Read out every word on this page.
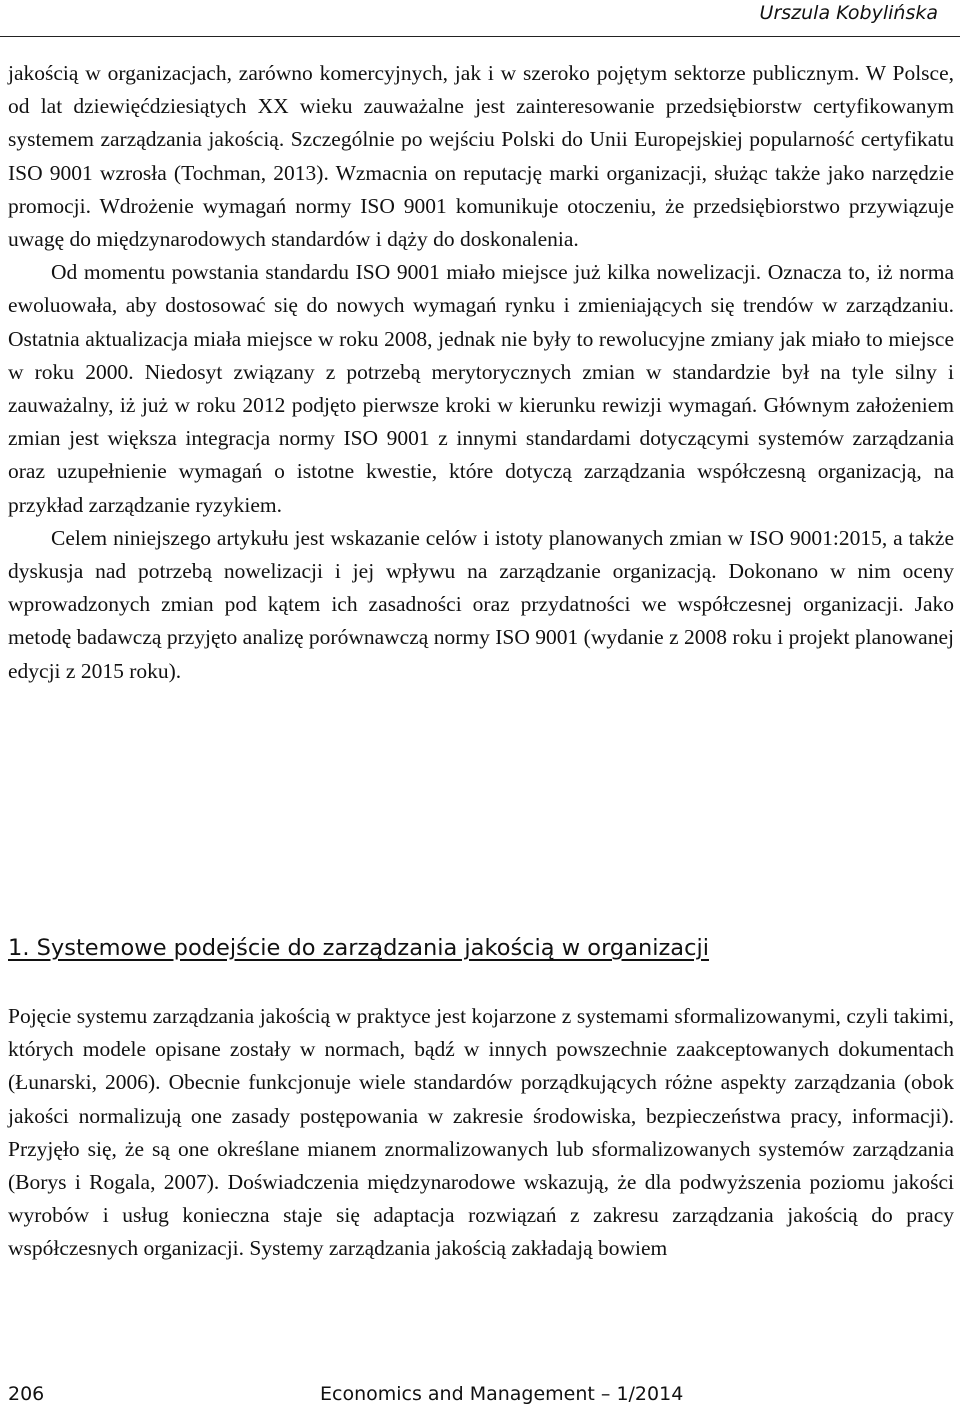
Urszula Kobylińska

jakością w organizacjach, zarówno komercyjnych, jak i w szeroko pojętym sektorze publicznym. W Polsce, od lat dziewięćdziesiątych XX wieku zauważalne jest zainteresowanie przedsiębiorstw certyfikowanym systemem zarządzania jakością. Szczególnie po wejściu Polski do Unii Europejskiej popularność certyfikatu ISO 9001 wzrosła (Tochman, 2013). Wzmacnia on reputację marki organizacji, służąc także jako narzędzie promocji. Wdrożenie wymagań normy ISO 9001 komunikuje otoczeniu, że przedsiębiorstwo przywiązuje uwagę do międzynarodowych standardów i dąży do doskonalenia.

Od momentu powstania standardu ISO 9001 miało miejsce już kilka nowelizacji. Oznacza to, iż norma ewoluowała, aby dostosować się do nowych wymagań rynku i zmieniających się trendów w zarządzaniu. Ostatnia aktualizacja miała miejsce w roku 2008, jednak nie były to rewolucyjne zmiany jak miało to miejsce w roku 2000. Niedosyt związany z potrzebą merytorycznych zmian w standardzie był na tyle silny i zauważalny, iż już w roku 2012 podjęto pierwsze kroki w kierunku rewizji wymagań. Głównym założeniem zmian jest większa integracja normy ISO 9001 z innymi standardami dotyczącymi systemów zarządzania oraz uzupełnienie wymagań o istotne kwestie, które dotyczą zarządzania współczesną organizacją, na przykład zarządzanie ryzykiem.

Celem niniejszego artykułu jest wskazanie celów i istoty planowanych zmian w ISO 9001:2015, a także dyskusja nad potrzebą nowelizacji i jej wpływu na zarządzanie organizacją. Dokonano w nim oceny wprowadzonych zmian pod kątem ich zasadności oraz przydatności we współczesnej organizacji. Jako metodę badawczą przyjęto analizę porównawczą normy ISO 9001 (wydanie z 2008 roku i projekt planowanej edycji z 2015 roku).

1. Systemowe podejście do zarządzania jakością w organizacji

Pojęcie systemu zarządzania jakością w praktyce jest kojarzone z systemami sformalizowanymi, czyli takimi, których modele opisane zostały w normach, bądź w innych powszechnie zaakceptowanych dokumentach (Łunarski, 2006). Obecnie funkcjonuje wiele standardów porządkujących różne aspekty zarządzania (obok jakości normalizują one zasady postępowania w zakresie środowiska, bezpieczeństwa pracy, informacji). Przyjęło się, że są one określane mianem znormalizowanych lub sformalizowanych systemów zarządzania (Borys i Rogala, 2007). Doświadczenia międzynarodowe wskazują, że dla podwyższenia poziomu jakości wyrobów i usług konieczna staje się adaptacja rozwiązań z zakresu zarządzania jakością do pracy współczesnych organizacji. Systemy zarządzania jakością zakładają bowiem

206	Economics and Management – 1/2014
